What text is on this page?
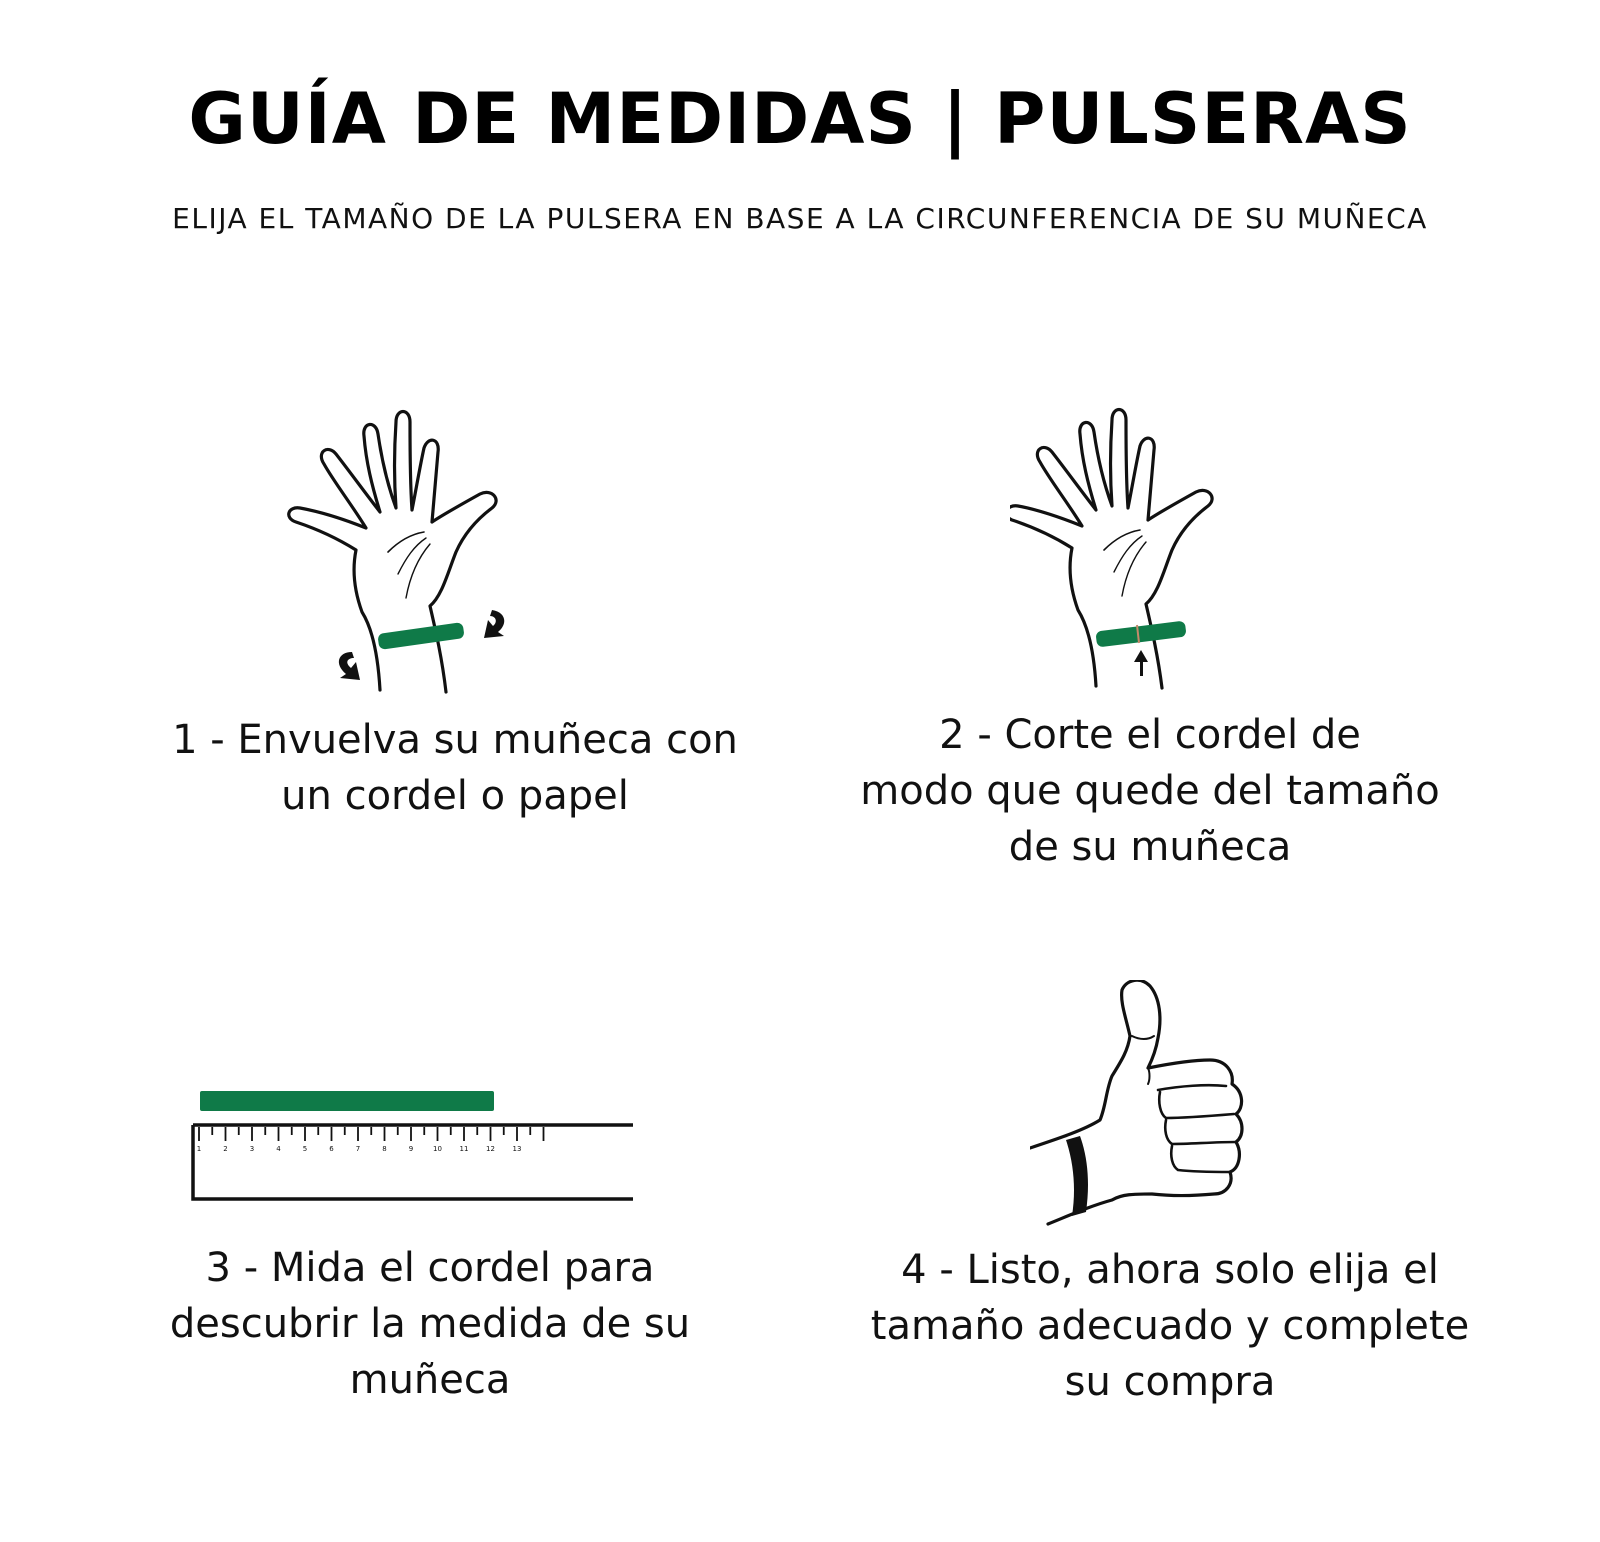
GUÍA DE MEDIDAS | PULSERAS
ELIJA EL TAMAÑO DE LA PULSERA EN BASE A LA CIRCUNFERENCIA DE SU MUÑECA
1	2	3	4	5	6	7	8	9	10	11	12	13
1 - Envuelva su muñeca con
un cordel o papel
2 - Corte el cordel de
modo que quede del tamaño
de su muñeca
3 - Mida el cordel para
descubrir la medida de su
muñeca
4 - Listo, ahora solo elija el
tamaño adecuado y complete
su compra
